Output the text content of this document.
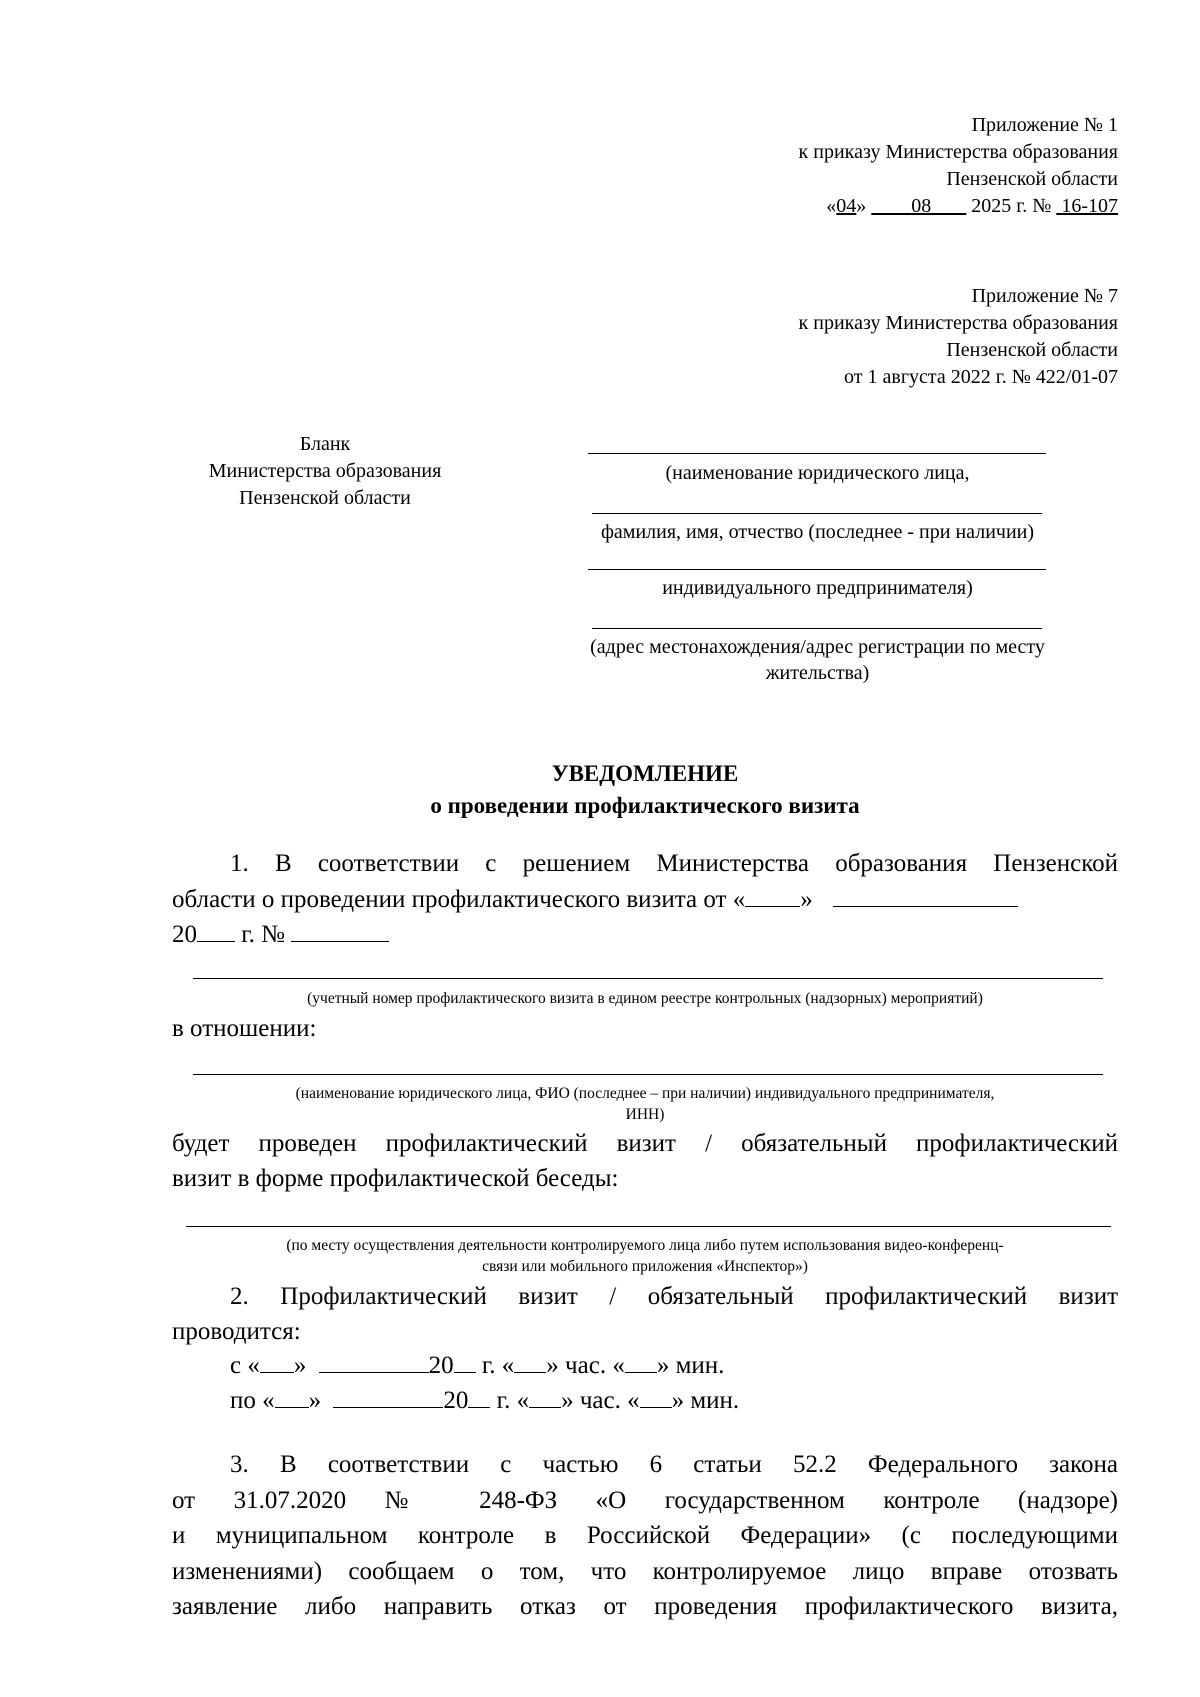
Приложение № 1
к приказу Министерства образования
Пензенской области
«04» 08 2025 г. № 16-107
Приложение № 7
к приказу Министерства образования
Пензенской области
от 1 августа 2022 г. № 422/01-07
Бланк
Министерства образования
Пензенской области
(наименование юридического лица,
фамилия, имя, отчество (последнее - при наличии)
индивидуального предпринимателя)
(адрес местонахождения/адрес регистрации по месту
жительства)
УВЕДОМЛЕНИЕ
о проведении профилактического визита
1. В соответствии с решением Министерства образования Пензенской
области о проведении профилактического визита от « »
20 г. №
(учетный номер профилактического визита в едином реестре контрольных (надзорных) мероприятий)
в отношении:
(наименование юридического лица, ФИО (последнее – при наличии) индивидуального предпринимателя,
ИНН)
будет проведен профилактический визит / обязательный профилактический
визит в форме профилактической беседы:
(по месту осуществления деятельности контролируемого лица либо путем использования видео-конференц-
связи или мобильного приложения «Инспектор»)
2. Профилактический визит / обязательный профилактический визит
проводится:
с « »	20 г. « » час. « » мин.
по « »	20 г. « » час. « » мин.
3. В соответствии с частью 6 статьи 52.2 Федерального закона
от 31.07.2020 № 248-ФЗ «О государственном контроле (надзоре)
и муниципальном контроле в Российской Федерации» (с последующими
изменениями) сообщаем о том, что контролируемое лицо вправе отозвать
заявление либо направить отказ от проведения профилактического визита,
